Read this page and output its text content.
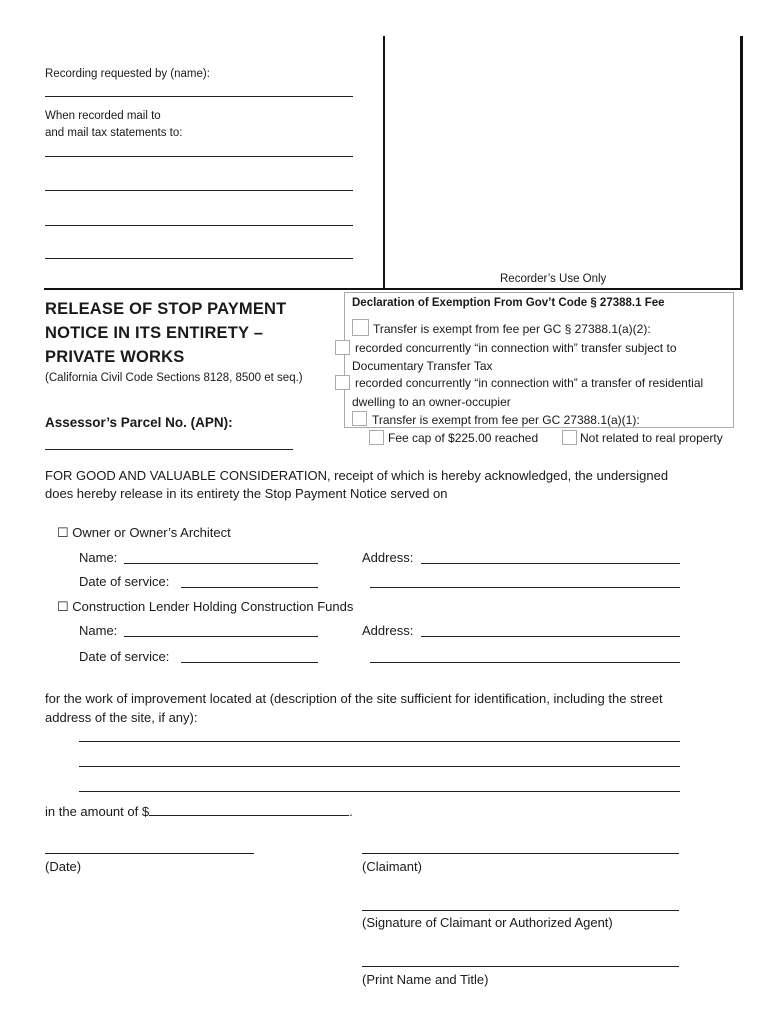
Recording requested by (name):
When recorded mail to
and mail tax statements to:
Recorder’s Use Only
RELEASE OF STOP PAYMENT
NOTICE IN ITS ENTIRETY –
PRIVATE WORKS
(California Civil Code Sections 8128, 8500 et seq.)
Assessor’s Parcel No. (APN):
Declaration of Exemption From Gov’t Code § 27388.1 Fee
Transfer is exempt from fee per GC § 27388.1(a)(2):
recorded concurrently “in connection with” transfer subject to
Documentary Transfer Tax
recorded concurrently “in connection with” a transfer of residential
dwelling to an owner-occupier
Transfer is exempt from fee per GC 27388.1(a)(1):
Fee cap of $225.00 reached	Not related to real property
FOR GOOD AND VALUABLE CONSIDERATION, receipt of which is hereby acknowledged, the undersigned
does hereby release in its entirety the Stop Payment Notice served on
☐ Owner or Owner’s Architect
Name:	Address:
Date of service:
☐ Construction Lender Holding Construction Funds
Name:	Address:
Date of service:
for the work of improvement located at (description of the site sufficient for identification, including the street
address of the site, if any):
in the amount of $	.
(Date)	(Claimant)
(Signature of Claimant or Authorized Agent)
(Print Name and Title)
